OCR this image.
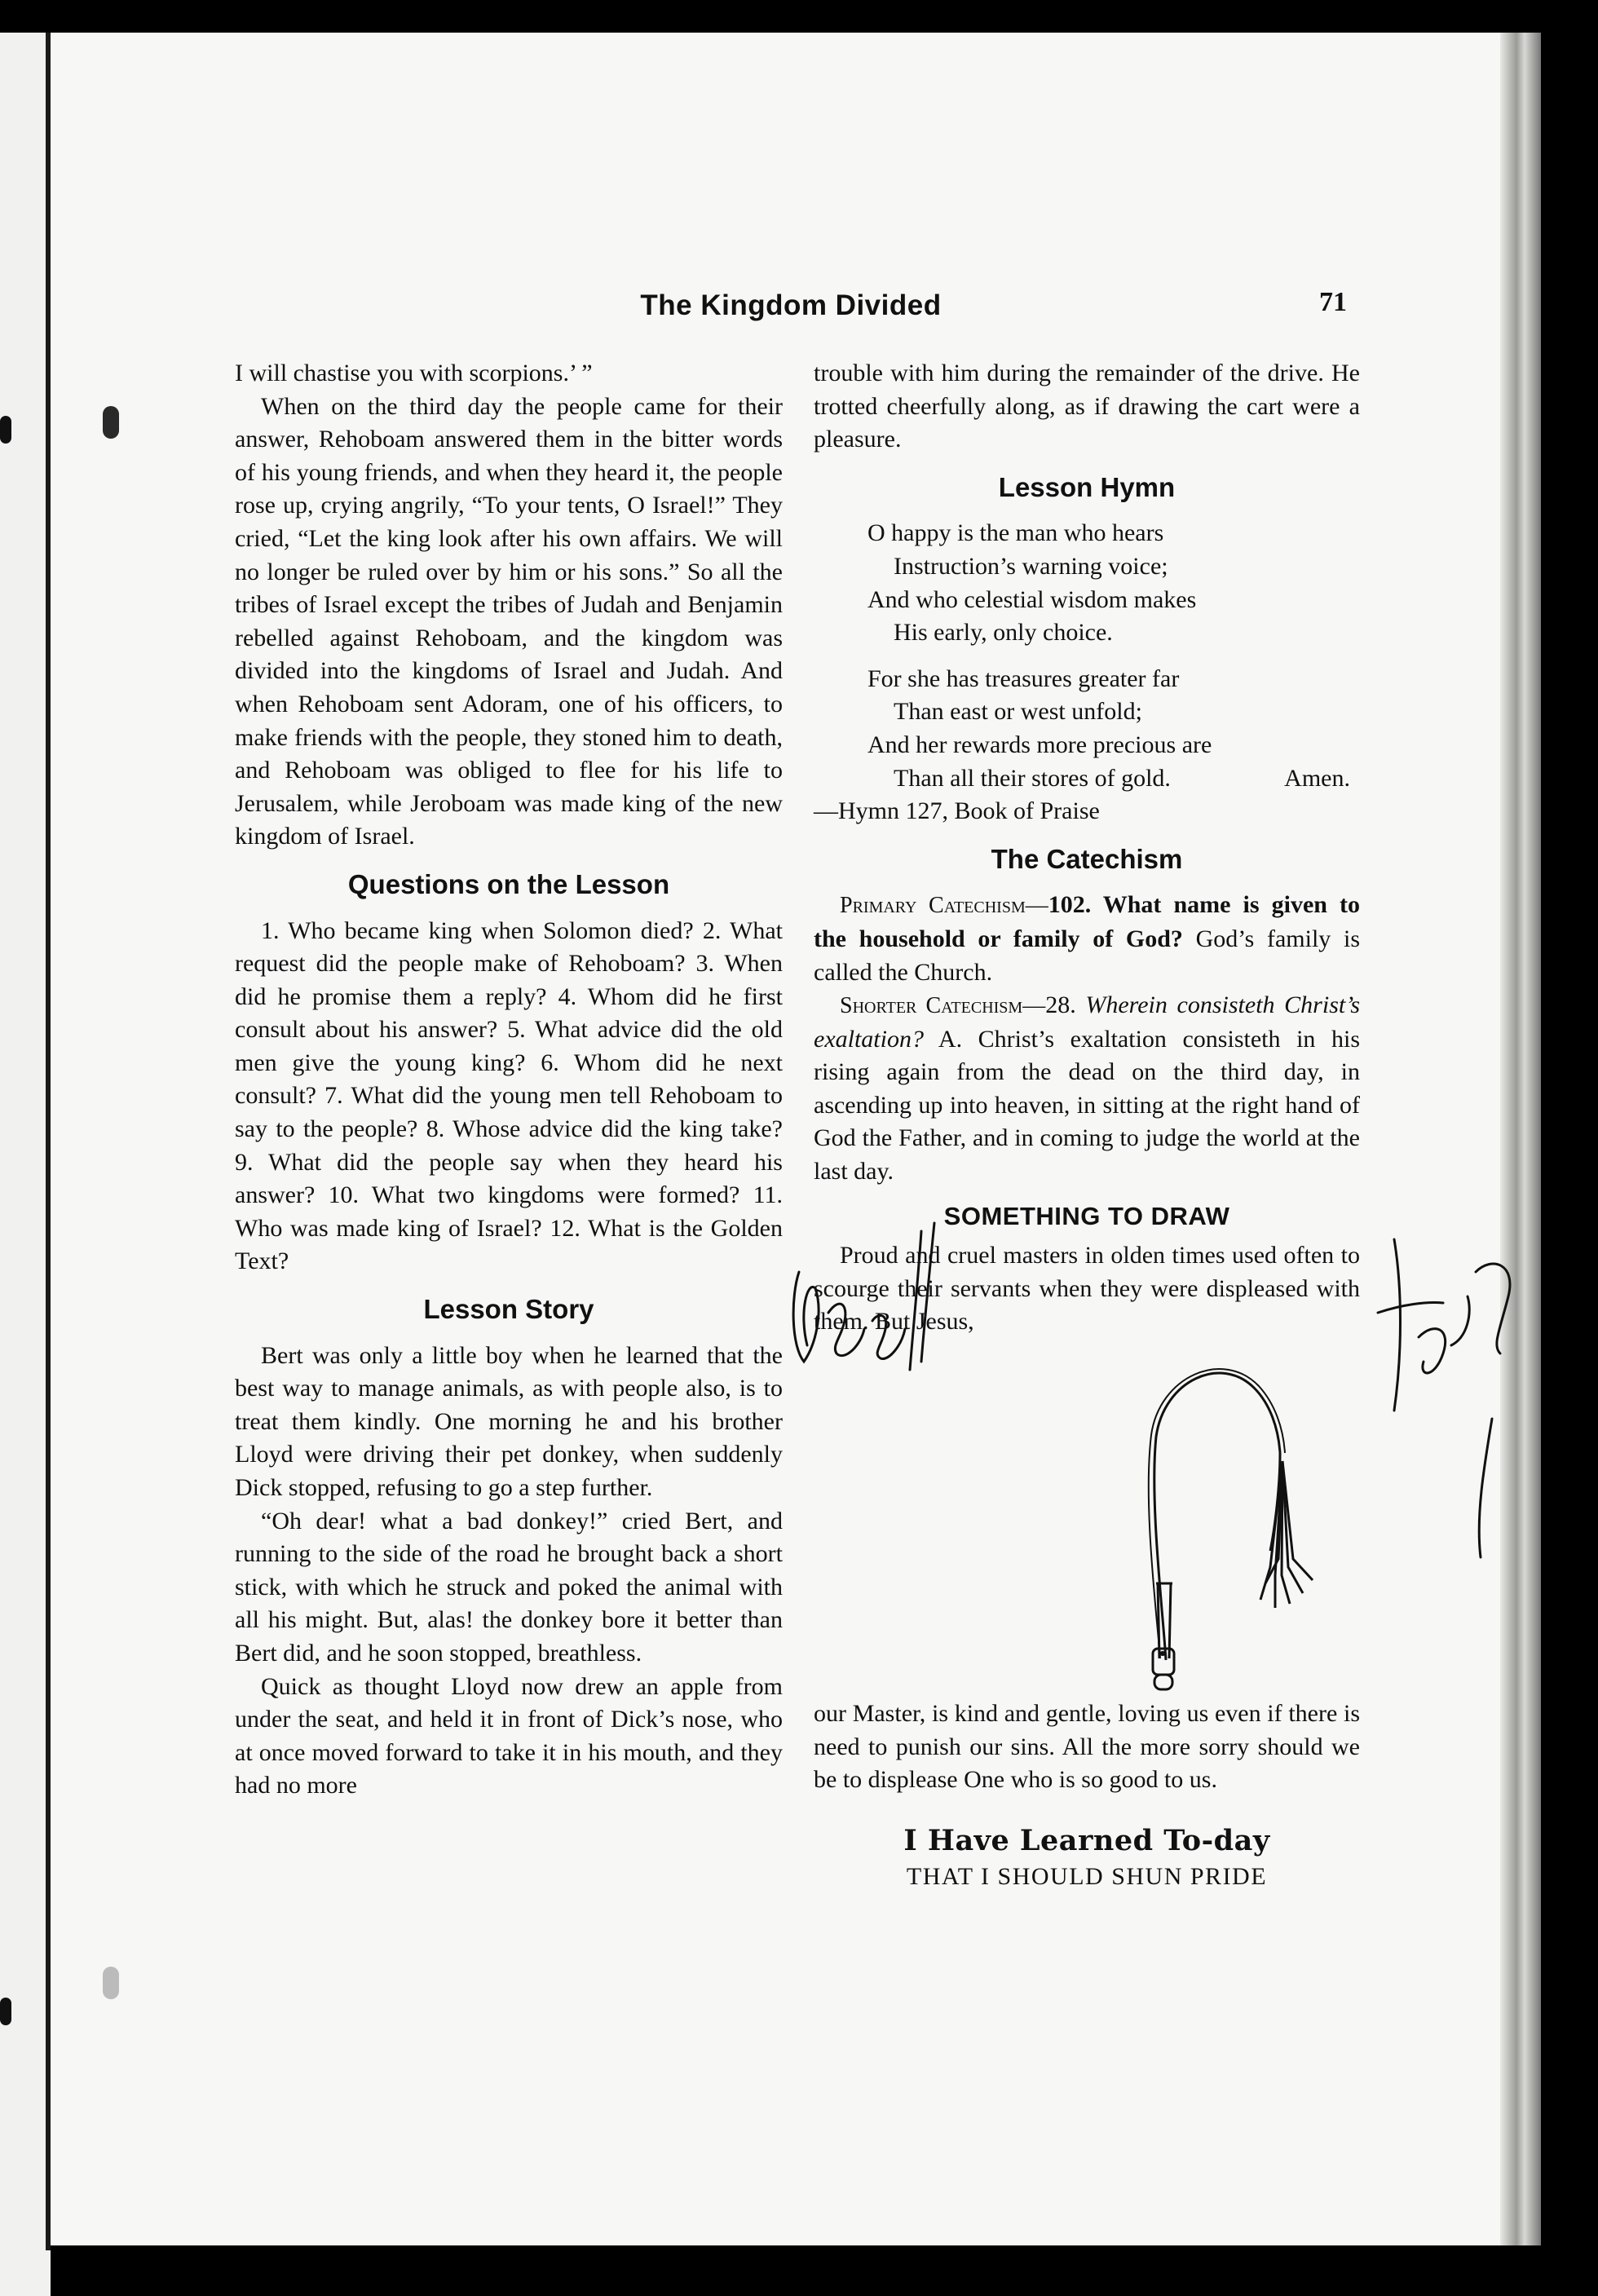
The Kingdom Divided	71

I will chastise you with scorpions.’ ”

When on the third day the people came for their answer, Rehoboam answered them in the bitter words of his young friends, and when they heard it, the people rose up, crying angrily, “To your tents, O Israel!” They cried, “Let the king look after his own affairs. We will no longer be ruled over by him or his sons.” So all the tribes of Israel except the tribes of Judah and Benjamin rebelled against Rehoboam, and the kingdom was divided into the kingdoms of Israel and Judah. And when Rehoboam sent Adoram, one of his officers, to make friends with the people, they stoned him to death, and Rehoboam was obliged to flee for his life to Jerusalem, while Jeroboam was made king of the new kingdom of Israel.

Questions on the Lesson

1. Who became king when Solomon died? 2. What request did the people make of Rehoboam? 3. When did he promise them a reply? 4. Whom did he first consult about his answer? 5. What advice did the old men give the young king? 6. Whom did he next consult? 7. What did the young men tell Rehoboam to say to the people? 8. Whose advice did the king take? 9. What did the people say when they heard his answer? 10. What two kingdoms were formed? 11. Who was made king of Israel? 12. What is the Golden Text?

Lesson Story

Bert was only a little boy when he learned that the best way to manage animals, as with people also, is to treat them kindly. One morning he and his brother Lloyd were driving their pet donkey, when suddenly Dick stopped, refusing to go a step further.

“Oh dear! what a bad donkey!” cried Bert, and running to the side of the road he brought back a short stick, with which he struck and poked the animal with all his might. But, alas! the donkey bore it better than Bert did, and he soon stopped, breathless.

Quick as thought Lloyd now drew an apple from under the seat, and held it in front of Dick’s nose, who at once moved forward to take it in his mouth, and they had no more

trouble with him during the remainder of the drive. He trotted cheerfully along, as if drawing the cart were a pleasure.

Lesson Hymn
O happy is the man who hears
Instruction’s warning voice;
And who celestial wisdom makes
His early, only choice.
For she has treasures greater far
Than east or west unfold;
And her rewards more precious are
Than all their stores of gold.	Amen.

—Hymn 127, Book of Praise

The Catechism

Primary Catechism—102. What name is given to the household or family of God? God’s family is called the Church.

Shorter Catechism—28. Wherein consisteth Christ’s exaltation? A. Christ’s exaltation consisteth in his rising again from the dead on the third day, in ascending up into heaven, in sitting at the right hand of God the Father, and in coming to judge the world at the last day.

SOMETHING TO DRAW

Proud and cruel masters in olden times used often to scourge their servants when they were displeased with them. But Jesus,

our Master, is kind and gentle, loving us even if there is need to punish our sins. All the more sorry should we be to displease One who is so good to us.

I Have Learned To-day
THAT I SHOULD SHUN PRIDE
